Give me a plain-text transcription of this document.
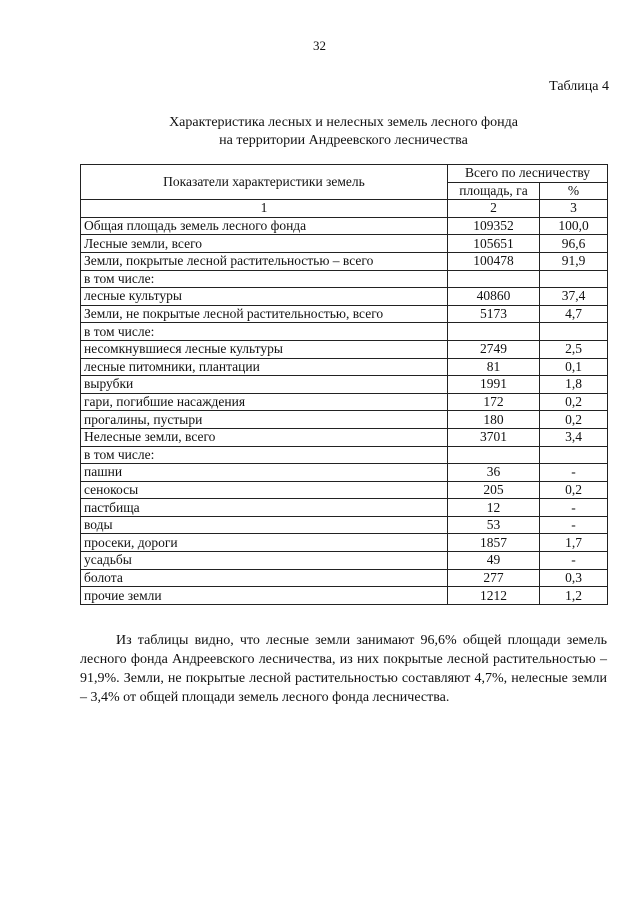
32
Таблица 4
Характеристика лесных и нелесных земель лесного фонда
на территории Андреевского лесничества
Показатели характеристики земель	Всего по лесничеству	
	площадь, га	%
1	2	3
Общая площадь земель лесного фонда	109352	100,0
Лесные земли, всего	105651	96,6
Земли, покрытые лесной растительностью – всего	100478	91,9
в том числе:		
лесные культуры	40860	37,4
Земли, не покрытые лесной растительностью, всего	5173	4,7
в том числе:		
несомкнувшиеся лесные культуры	2749	2,5
лесные питомники, плантации	81	0,1
вырубки	1991	1,8
гари, погибшие насаждения	172	0,2
прогалины, пустыри	180	0,2
Нелесные земли, всего	3701	3,4
в том числе:		
пашни	36	-
сенокосы	205	0,2
пастбища	12	-
воды	53	-
просеки, дороги	1857	1,7
усадьбы	49	-
болота	277	0,3
прочие земли	1212	1,2
Из таблицы видно, что лесные земли занимают 96,6% общей площади земель лесного фонда Андреевского лесничества, из них покрытые лесной растительностью – 91,9%. Земли, не покрытые лесной растительностью составляют 4,7%, нелесные земли – 3,4% от общей площади земель лесного фонда лесничества.
